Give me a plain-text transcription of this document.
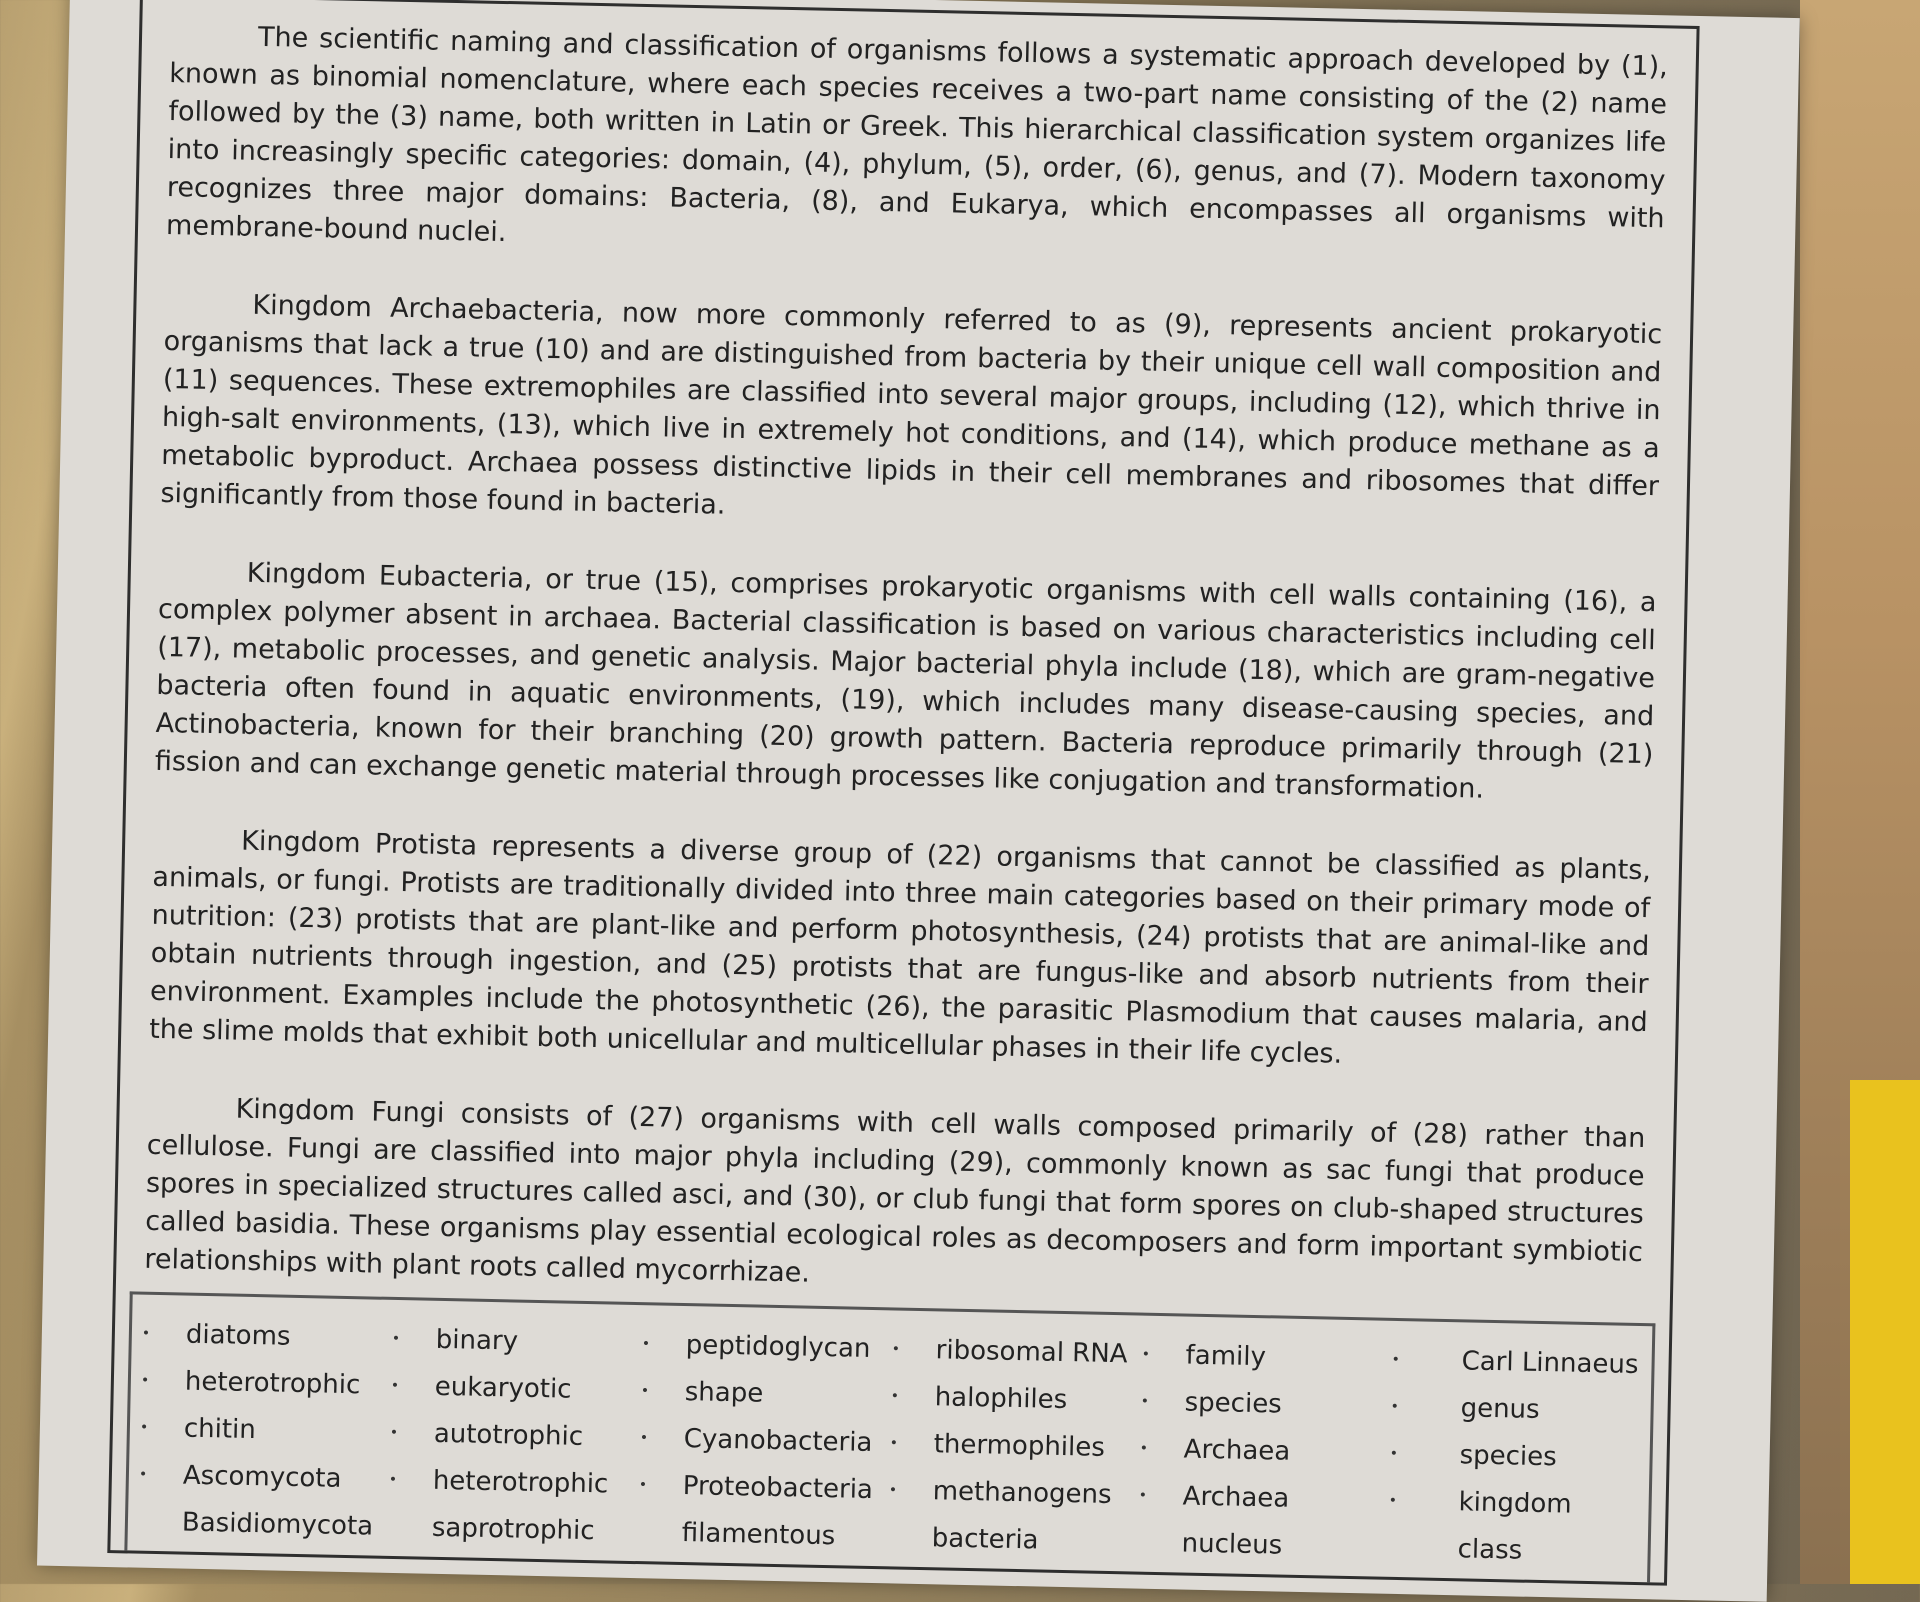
The scientific naming and classification of organisms follows a systematic approach developed by (1), known as binomial nomenclature, where each species receives a two-part name consisting of the (2) name followed by the (3) name, both written in Latin or Greek. This hierarchical classification system organizes life into increasingly specific categories: domain, (4), phylum, (5), order, (6), genus, and (7). Modern taxonomy recognizes three major domains: Bacteria, (8), and Eukarya, which encompasses all organisms with membrane-bound nuclei.

Kingdom Archaebacteria, now more commonly referred to as (9), represents ancient prokaryotic organisms that lack a true (10) and are distinguished from bacteria by their unique cell wall composition and (11) sequences. These extremophiles are classified into several major groups, including (12), which thrive in high-salt environments, (13), which live in extremely hot conditions, and (14), which produce methane as a metabolic byproduct. Archaea possess distinctive lipids in their cell membranes and ribosomes that differ significantly from those found in bacteria.

Kingdom Eubacteria, or true (15), comprises prokaryotic organisms with cell walls containing (16), a complex polymer absent in archaea. Bacterial classification is based on various characteristics including cell (17), metabolic processes, and genetic analysis. Major bacterial phyla include (18), which are gram-negative bacteria often found in aquatic environments, (19), which includes many disease-causing species, and Actinobacteria, known for their branching (20) growth pattern. Bacteria reproduce primarily through (21) fission and can exchange genetic material through processes like conjugation and transformation.

Kingdom Protista represents a diverse group of (22) organisms that cannot be classified as plants, animals, or fungi. Protists are traditionally divided into three main categories based on their primary mode of nutrition: (23) protists that are plant-like and perform photosynthesis, (24) protists that are animal-like and obtain nutrients through ingestion, and (25) protists that are fungus-like and absorb nutrients from their environment. Examples include the photosynthetic (26), the parasitic Plasmodium that causes malaria, and the slime molds that exhibit both unicellular and multicellular phases in their life cycles.

Kingdom Fungi consists of (27) organisms with cell walls composed primarily of (28) rather than cellulose. Fungi are classified into major phyla including (29), commonly known as sac fungi that produce spores in specialized structures called asci, and (30), or club fungi that form spores on club-shaped structures called basidia. These organisms play essential ecological roles as decomposers and form important symbiotic relationships with plant roots called mycorrhizae.

• diatoms
• heterotrophic
• chitin
• Ascomycota
Basidiomycota
• binary
• eukaryotic
• autotrophic
• heterotrophic
saprotrophic
• peptidoglycan
• shape
• Cyanobacteria
• Proteobacteria
filamentous
• ribosomal RNA
• halophiles
• thermophiles
• methanogens
bacteria
• family
• species
• Archaea
• Archaea
nucleus
• Carl Linnaeus
• genus
• species
• kingdom
class
